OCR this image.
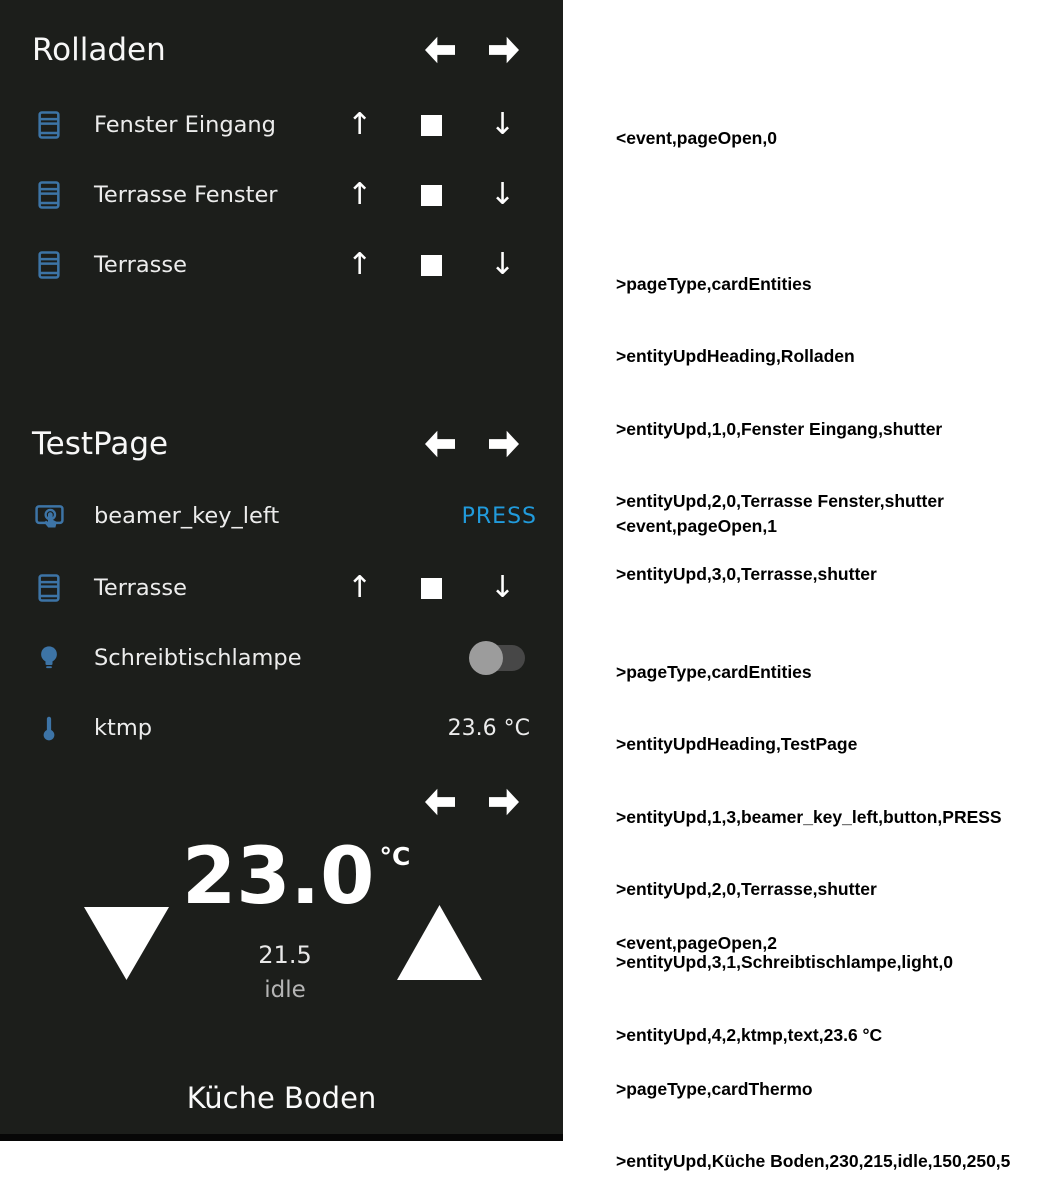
Rolladen
Fenster Eingang ↑	↓
Terrasse Fenster ↑	↓
Terrasse	↑	↓
TestPage
beamer_key_left	PRESS
Terrasse	↑	↓
Schreibtischlampe
ktmp	23.6 °C
23.0 °C
21.5
idle
Küche Boden

<event,pageOpen,0

>pageType,cardEntities

>entityUpdHeading,Rolladen

>entityUpd,1,0,Fenster Eingang,shutter

>entityUpd,2,0,Terrasse Fenster,shutter

>entityUpd,3,0,Terrasse,shutter

<event,pageOpen,1

>pageType,cardEntities

>entityUpdHeading,TestPage

>entityUpd,1,3,beamer_key_left,button,PRESS

>entityUpd,2,0,Terrasse,shutter

>entityUpd,3,1,Schreibtischlampe,light,0

>entityUpd,4,2,ktmp,text,23.6 °C

<event,pageOpen,2

>pageType,cardThermo

>entityUpd,Küche Boden,230,215,idle,150,250,5
